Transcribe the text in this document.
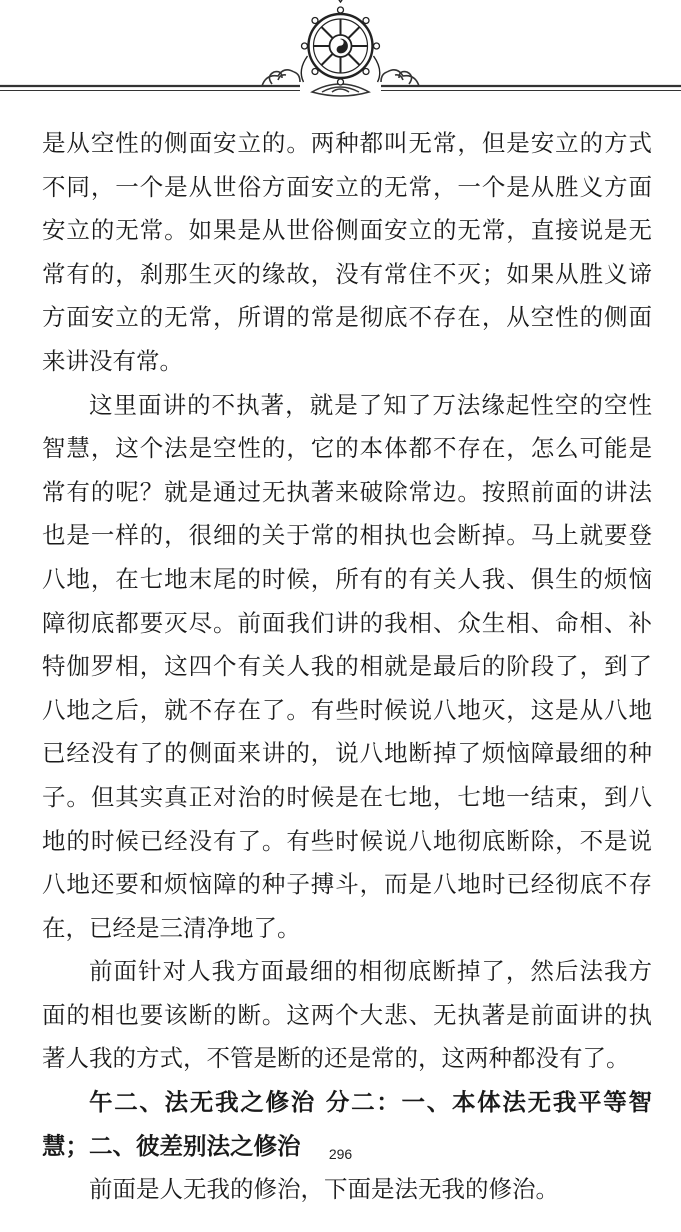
是从空性的侧面安立的。两种都叫无常，但是安立的方式不同，一个是从世俗方面安立的无常，一个是从胜义方面安立的无常。如果是从世俗侧面安立的无常，直接说是无常有的，刹那生灭的缘故，没有常住不灭；如果从胜义谛方面安立的无常，所谓的常是彻底不存在，从空性的侧面来讲没有常。

这里面讲的不执著，就是了知了万法缘起性空的空性智慧，这个法是空性的，它的本体都不存在，怎么可能是常有的呢？就是通过无执著来破除常边。按照前面的讲法也是一样的，很细的关于常的相执也会断掉。马上就要登八地，在七地末尾的时候，所有的有关人我、俱生的烦恼障彻底都要灭尽。前面我们讲的我相、众生相、命相、补特伽罗相，这四个有关人我的相就是最后的阶段了，到了八地之后，就不存在了。有些时候说八地灭，这是从八地已经没有了的侧面来讲的，说八地断掉了烦恼障最细的种子。但其实真正对治的时候是在七地，七地一结束，到八地的时候已经没有了。有些时候说八地彻底断除，不是说八地还要和烦恼障的种子搏斗，而是八地时已经彻底不存在，已经是三清净地了。

前面针对人我方面最细的相彻底断掉了，然后法我方面的相也要该断的断。这两个大悲、无执著是前面讲的执著人我的方式，不管是断的还是常的，这两种都没有了。

午二、法无我之修治 分二：一、本体法无我平等智慧；二、彼差别法之修治

前面是人无我的修治，下面是法无我的修治。

296
